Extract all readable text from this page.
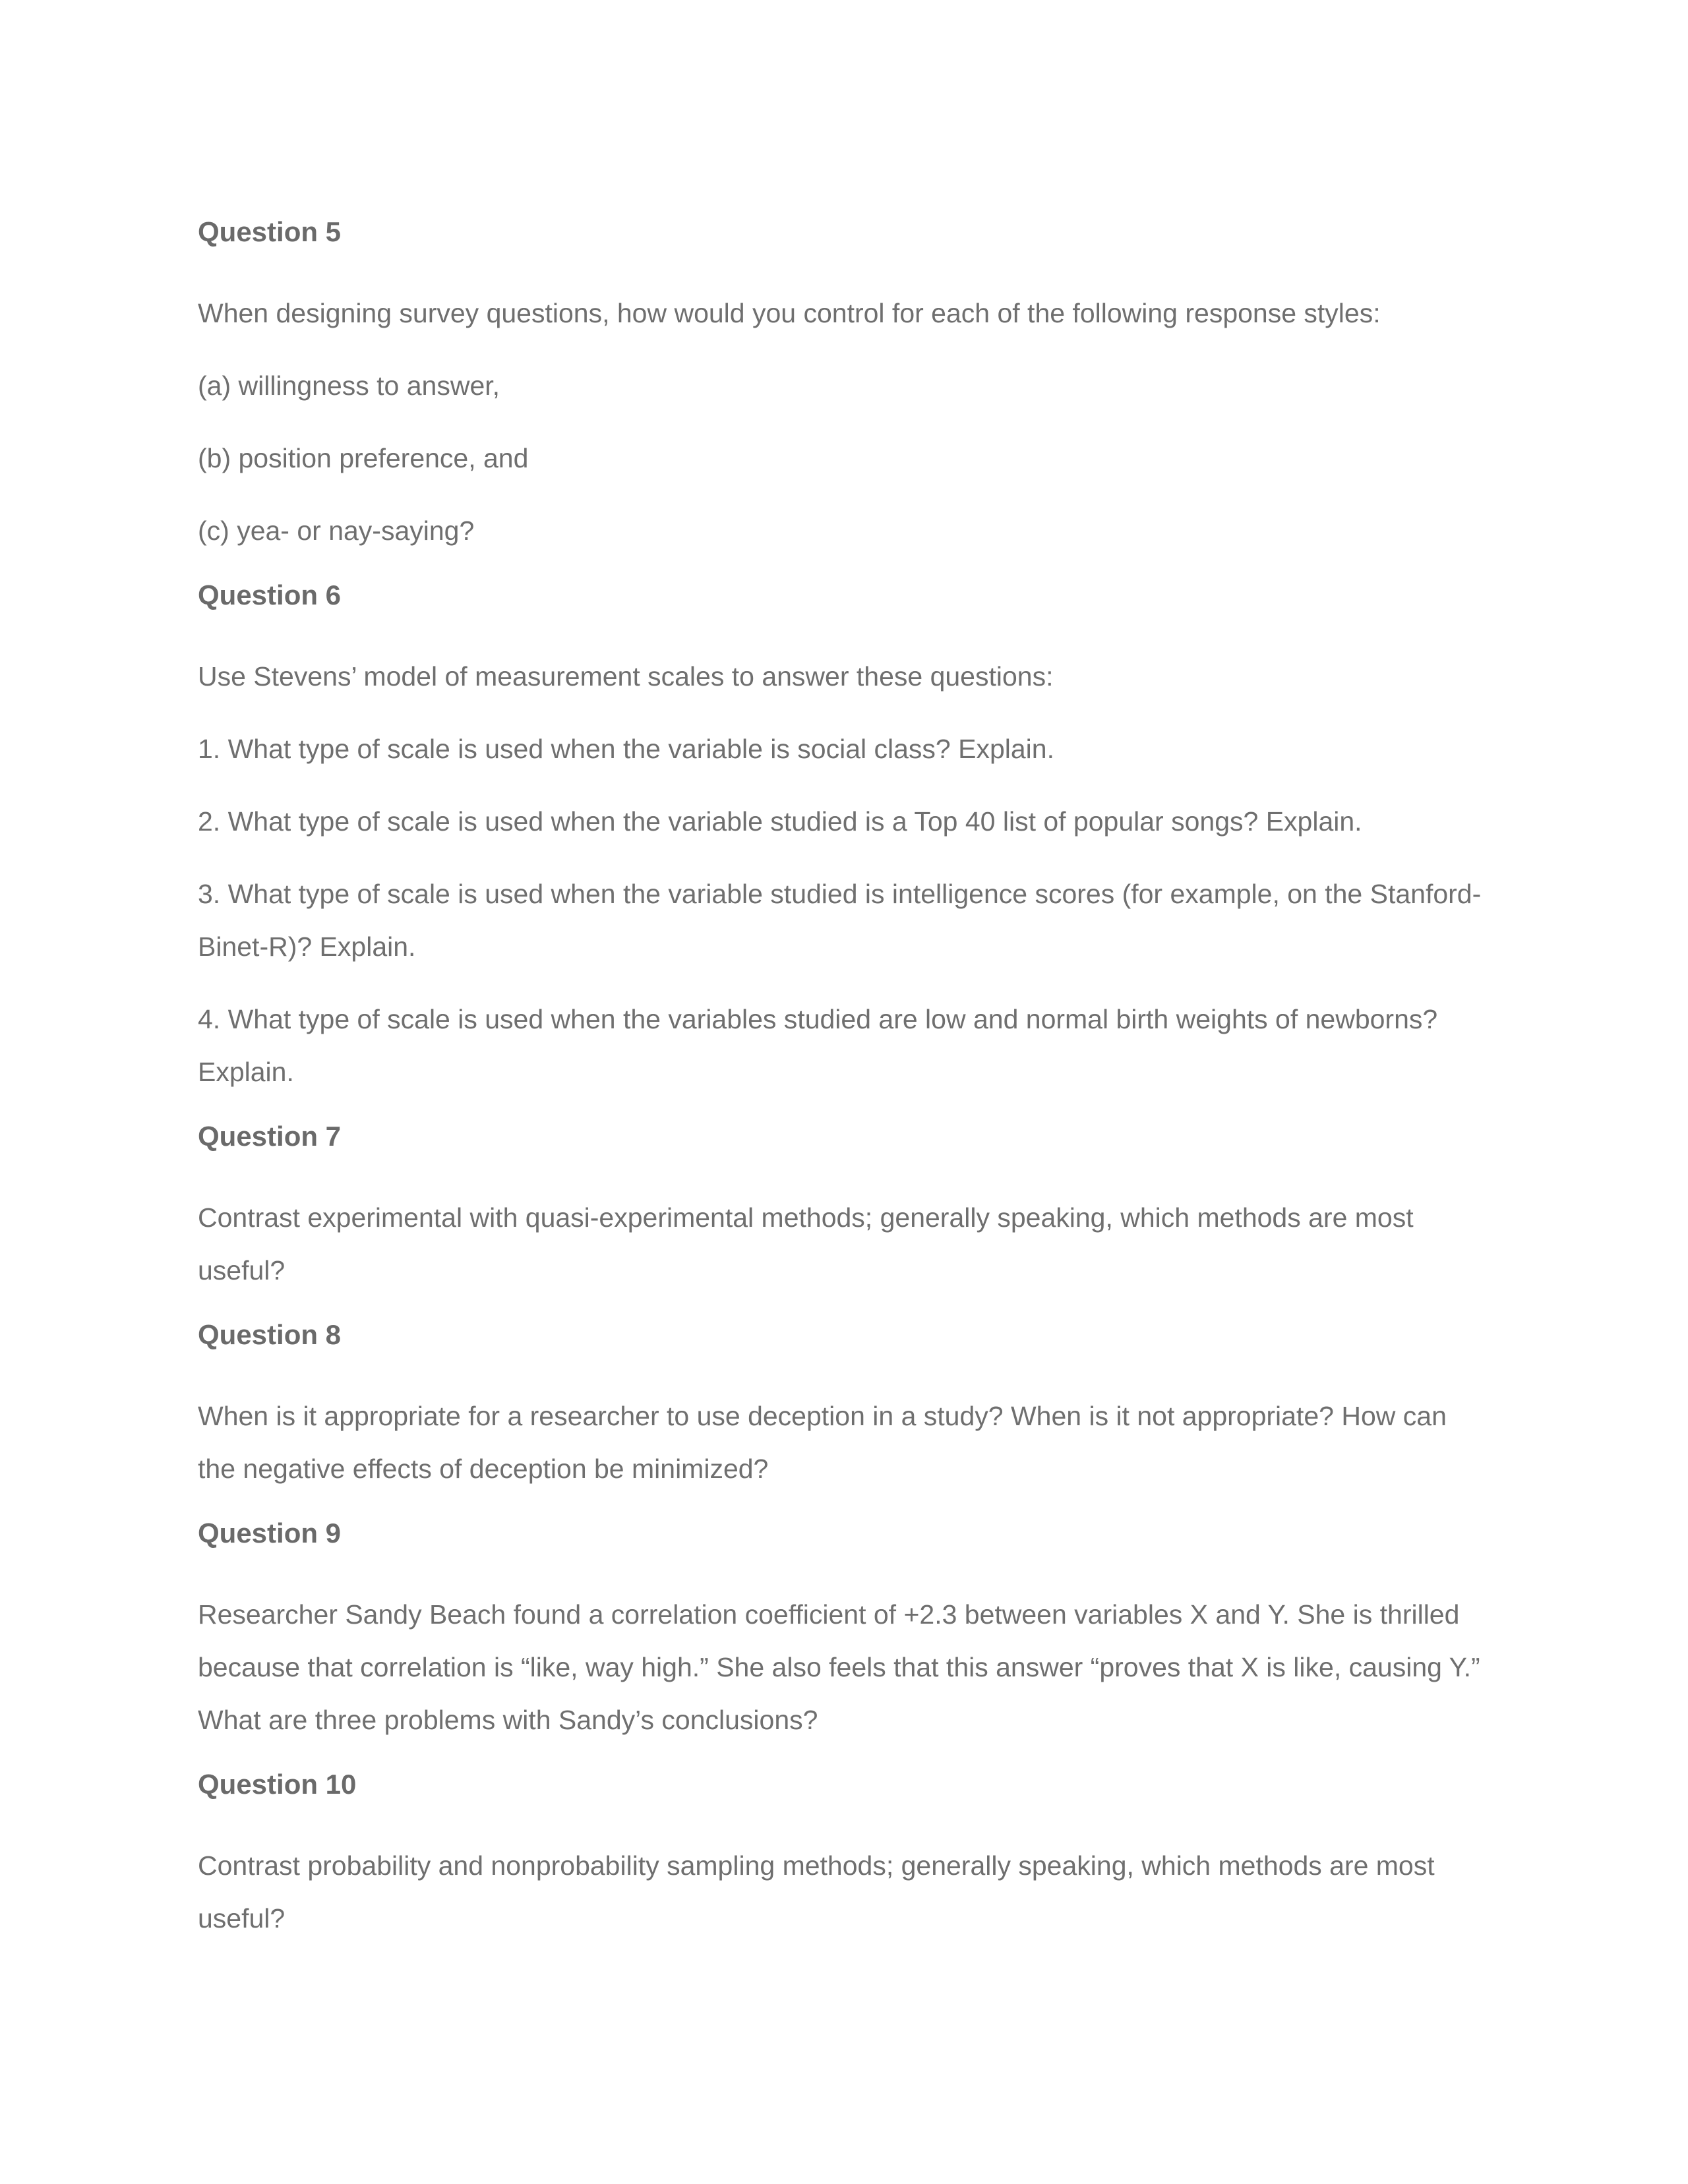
Question 5

When designing survey questions, how would you control for each of the following response styles:

(a) willingness to answer,

(b) position preference, and

(c) yea- or nay-saying?

Question 6

Use Stevens’ model of measurement scales to answer these questions:

1. What type of scale is used when the variable is social class? Explain.

2. What type of scale is used when the variable studied is a Top 40 list of popular songs? Explain.

3. What type of scale is used when the variable studied is intelligence scores (for example, on the Stanford-Binet-R)? Explain.

4. What type of scale is used when the variables studied are low and normal birth weights of newborns? Explain.

Question 7

Contrast experimental with quasi-experimental methods; generally speaking, which methods are most useful?

Question 8

When is it appropriate for a researcher to use deception in a study? When is it not appropriate? How can the negative effects of deception be minimized?

Question 9

Researcher Sandy Beach found a correlation coefficient of +2.3 between variables X and Y. She is thrilled because that correlation is “like, way high.” She also feels that this answer “proves that X is like, causing Y.” What are three problems with Sandy’s conclusions?

Question 10

Contrast probability and nonprobability sampling methods; generally speaking, which methods are most useful?
